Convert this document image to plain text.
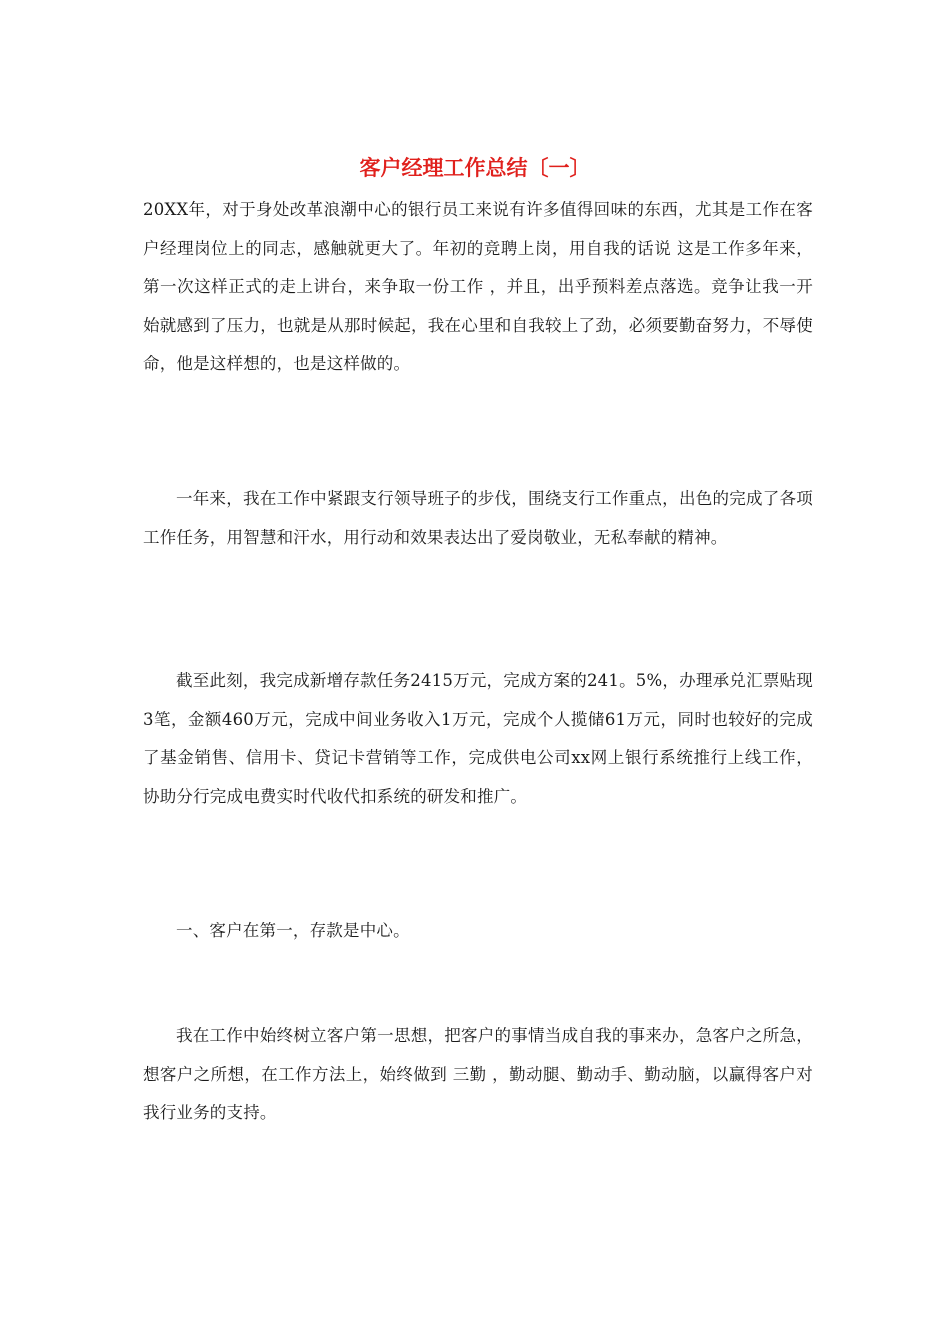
客户经理工作总结〔一〕

20XX年，对于身处改革浪潮中心的银行员工来说有许多值得回味的东西，尤其是工作在客户经理岗位上的同志，感触就更大了。年初的竞聘上岗，用自我的话说 这是工作多年来，第一次这样正式的走上讲台，来争取一份工作 ，并且，出乎预料差点落选。竞争让我一开始就感到了压力，也就是从那时候起，我在心里和自我较上了劲，必须要勤奋努力，不辱使命，他是这样想的，也是这样做的。

一年来，我在工作中紧跟支行领导班子的步伐，围绕支行工作重点，出色的完成了各项工作任务，用智慧和汗水，用行动和效果表达出了爱岗敬业，无私奉献的精神。

截至此刻，我完成新增存款任务2415万元，完成方案的241。5%，办理承兑汇票贴现3笔，金额460万元，完成中间业务收入1万元，完成个人揽储61万元，同时也较好的完成了基金销售、信用卡、贷记卡营销等工作，完成供电公司xx网上银行系统推行上线工作，协助分行完成电费实时代收代扣系统的研发和推广。

一、客户在第一，存款是中心。

我在工作中始终树立客户第一思想，把客户的事情当成自我的事来办，急客户之所急，想客户之所想，在工作方法上，始终做到 三勤 ，勤动腿、勤动手、勤动脑，以赢得客户对我行业务的支持。
